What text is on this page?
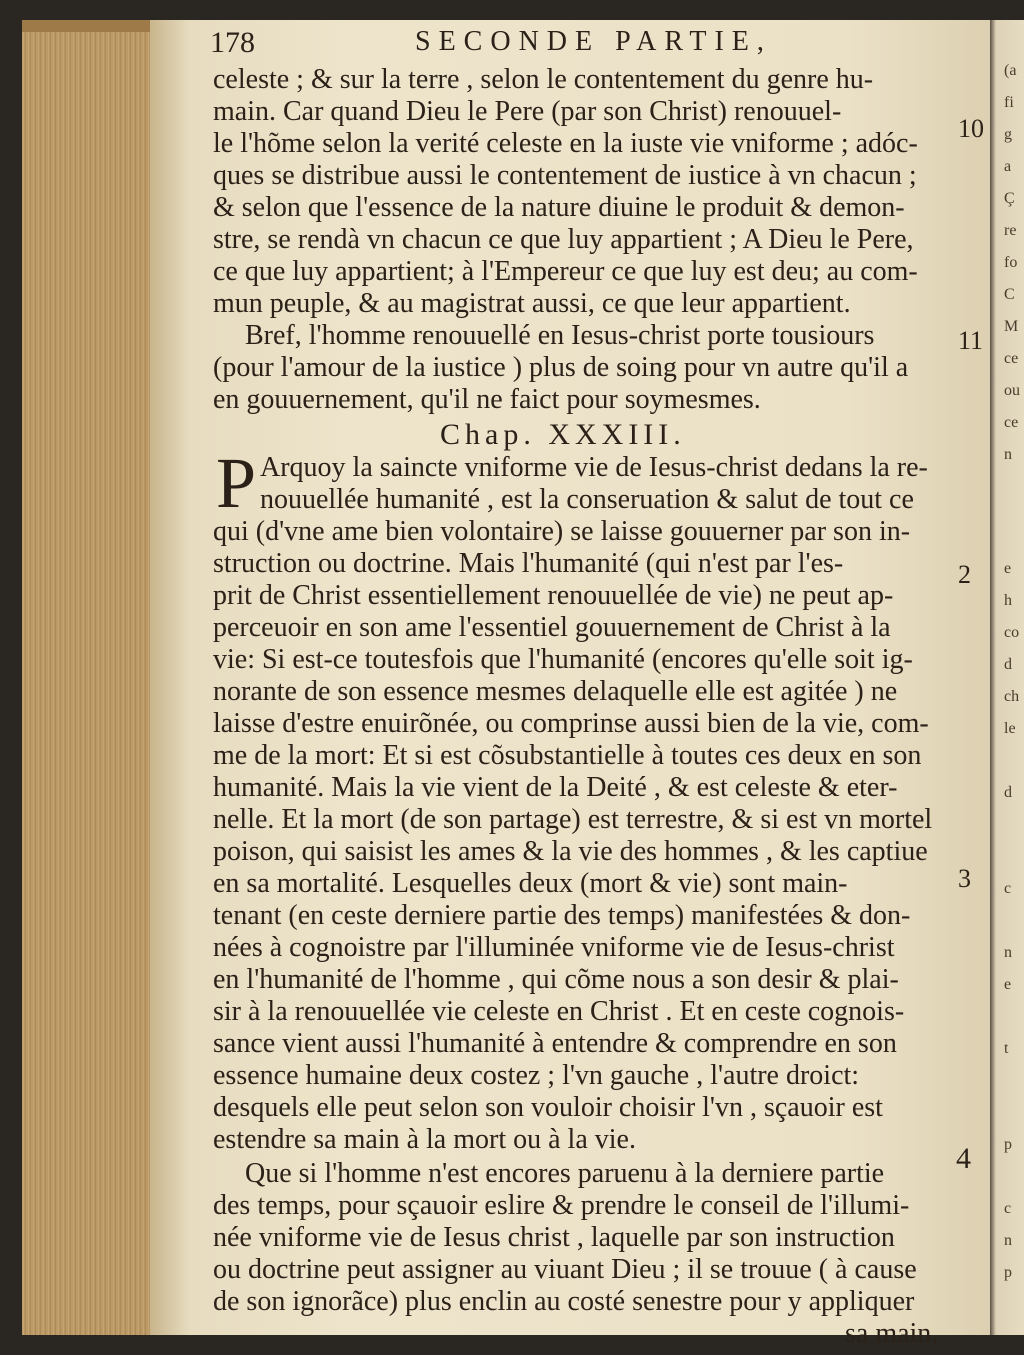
178	SECONDE PARTIE,
celeste ; & sur la terre , selon le contentement du genre hu-
main. Car quand Dieu le Pere (par son Christ) renouuel-
le l'hõme selon la verité celeste en la iuste vie vniforme ; adóc-
ques se distribue aussi le contentement de iustice à vn chacun ;
& selon que l'essence de la nature diuine le produit & demon-
stre, se rendà vn chacun ce que luy appartient ; A Dieu le Pere,
ce que luy appartient; à l'Empereur ce que luy est deu; au com-
mun peuple, & au magistrat aussi, ce que leur appartient.
Bref, l'homme renouuellé en Iesus-christ porte tousiours
(pour l'amour de la iustice ) plus de soing pour vn autre qu'il a
en gouuernement, qu'il ne faict pour soymesmes.
Chap. XXXIII.
P Arquoy la saincte vniforme vie de Iesus-christ dedans la re-
nouuellée humanité , est la conseruation & salut de tout ce
qui (d'vne ame bien volontaire) se laisse gouuerner par son in-
struction ou doctrine. Mais l'humanité (qui n'est par l'es-
prit de Christ essentiellement renouuellée de vie) ne peut ap-
perceuoir en son ame l'essentiel gouuernement de Christ à la
vie: Si est-ce toutesfois que l'humanité (encores qu'elle soit ig-
norante de son essence mesmes delaquelle elle est agitée ) ne
laisse d'estre enuirõnée, ou comprinse aussi bien de la vie, com-
me de la mort: Et si est cõsubstantielle à toutes ces deux en son
humanité. Mais la vie vient de la Deité , & est celeste & eter-
nelle. Et la mort (de son partage) est terrestre, & si est vn mortel
poison, qui saisist les ames & la vie des hommes , & les captiue
en sa mortalité. Lesquelles deux (mort & vie) sont main-
tenant (en ceste derniere partie des temps) manifestées & don-
nées à cognoistre par l'illuminée vniforme vie de Iesus-christ
en l'humanité de l'homme , qui cõme nous a son desir & plai-
sir à la renouuellée vie celeste en Christ . Et en ceste cognois-
sance vient aussi l'humanité à entendre & comprendre en son
essence humaine deux costez ; l'vn gauche , l'autre droict:
desquels elle peut selon son vouloir choisir l'vn , sçauoir est
estendre sa main à la mort ou à la vie.
Que si l'homme n'est encores paruenu à la derniere partie
des temps, pour sçauoir eslire & prendre le conseil de l'illumi-
née vniforme vie de Iesus christ , laquelle par son instruction
ou doctrine peut assigner au viuant Dieu ; il se trouue ( à cause
de son ignorãce) plus enclin au costé senestre pour y appliquer
sa main,
10
11
2
3
4
(a
fi
g
a
Ç
re
fo
C
M
ce
ou
ce
n
e
h
co
d
ch
le
d
c
n
e
t
p
c
n
p
